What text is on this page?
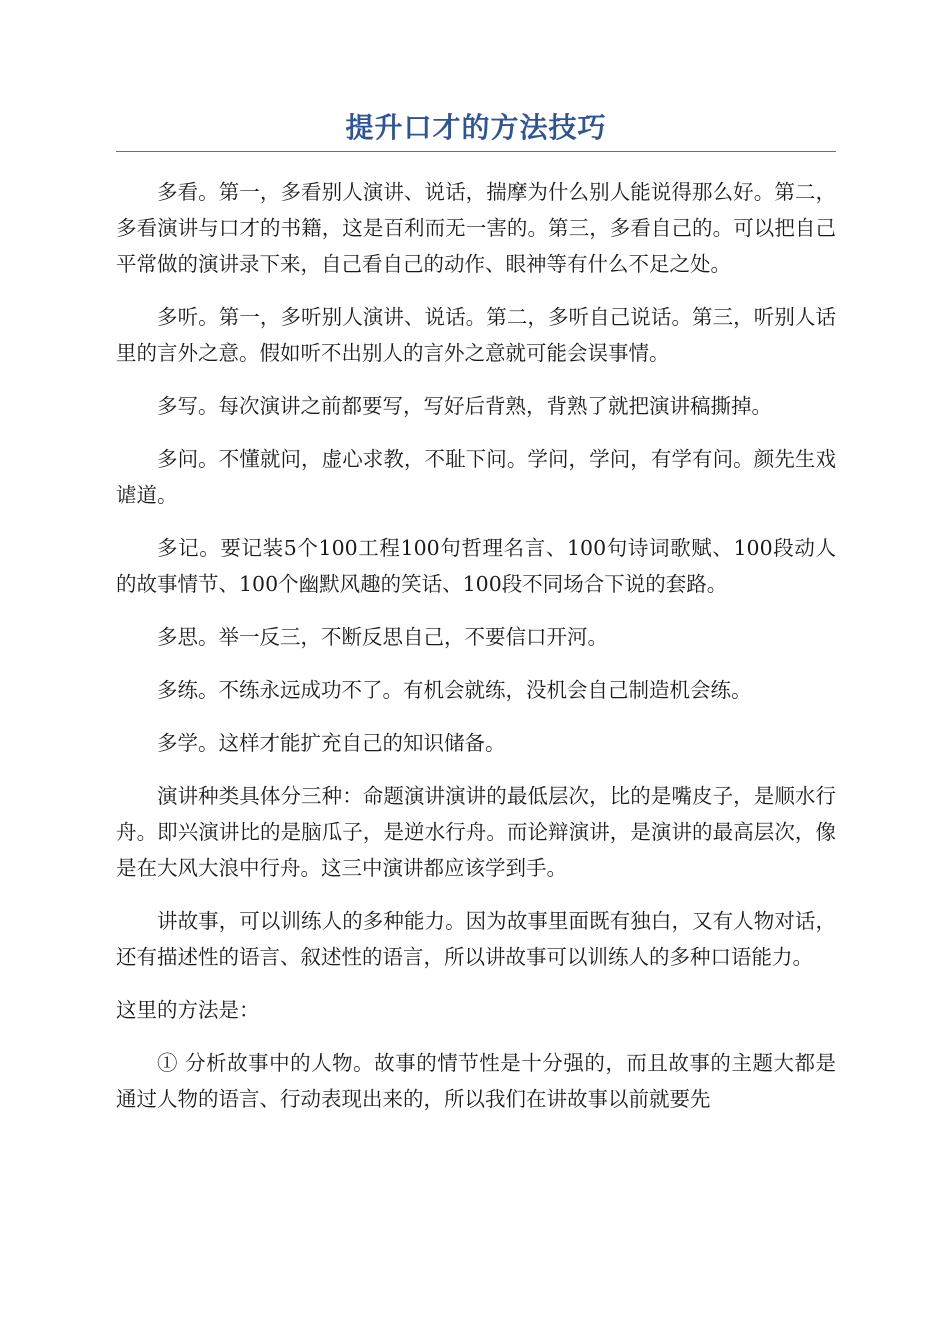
提升口才的方法技巧

多看。第一，多看别人演讲、说话，揣摩为什么别人能说得那么好。第二，多看演讲与口才的书籍，这是百利而无一害的。第三，多看自己的。可以把自己平常做的演讲录下来，自己看自己的动作、眼神等有什么不足之处。

多听。第一，多听别人演讲、说话。第二，多听自己说话。第三，听别人话里的言外之意。假如听不出别人的言外之意就可能会误事情。

多写。每次演讲之前都要写，写好后背熟，背熟了就把演讲稿撕掉。

多问。不懂就问，虚心求教，不耻下问。学问，学问，有学有问。颜先生戏谑道。

多记。要记装5个100工程100句哲理名言、100句诗词歌赋、100段动人的故事情节、100个幽默风趣的笑话、100段不同场合下说的套路。

多思。举一反三，不断反思自己，不要信口开河。

多练。不练永远成功不了。有机会就练，没机会自己制造机会练。

多学。这样才能扩充自己的知识储备。

演讲种类具体分三种：命题演讲演讲的最低层次，比的是嘴皮子，是顺水行舟。即兴演讲比的是脑瓜子，是逆水行舟。而论辩演讲，是演讲的最高层次，像是在大风大浪中行舟。这三中演讲都应该学到手。

讲故事，可以训练人的多种能力。因为故事里面既有独白，又有人物对话，还有描述性的语言、叙述性的语言，所以讲故事可以训练人的多种口语能力。

这里的方法是：

① 分析故事中的人物。故事的情节性是十分强的，而且故事的主题大都是通过人物的语言、行动表现出来的，所以我们在讲故事以前就要先
